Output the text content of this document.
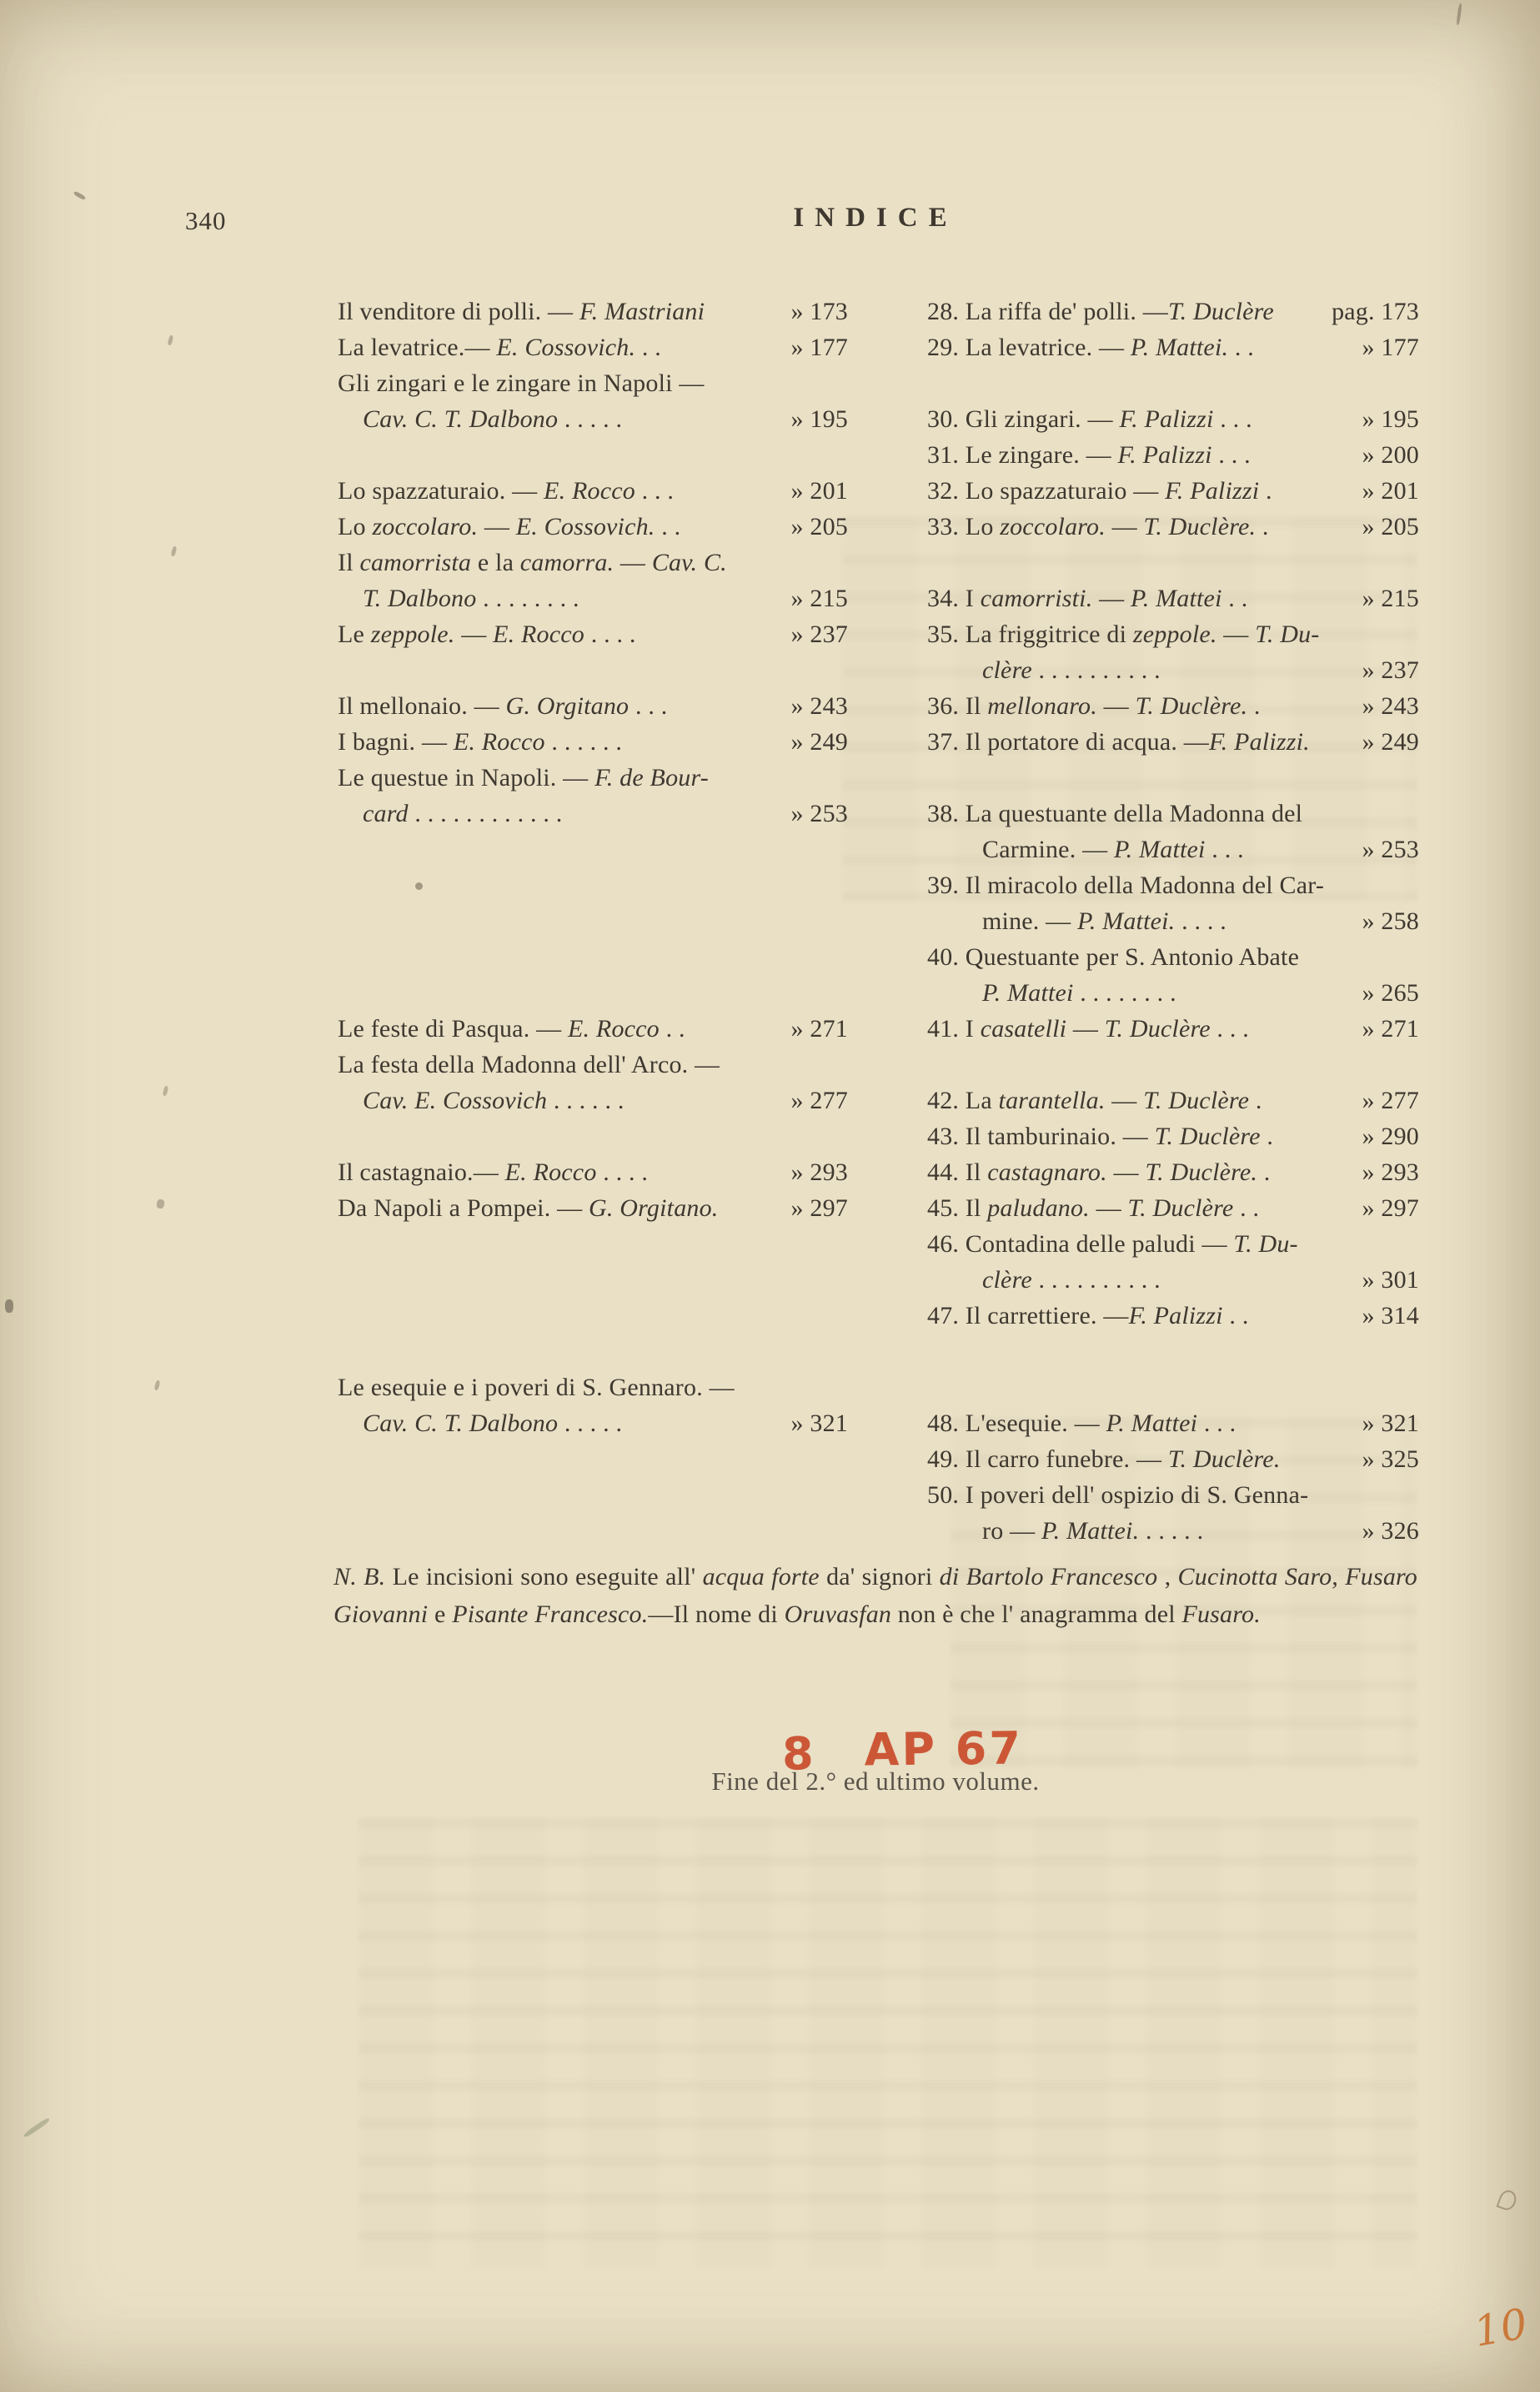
340	INDICE
Il venditore di polli. — F. Mastriani	» 173
La levatrice.— E. Cossovich. . .	» 177
Gli zingari e le zingare in Napoli —
Cav. C. T. Dalbono . . . . .	» 195
Lo spazzaturaio. — E. Rocco . . .	» 201
Lo zoccolaro. — E. Cossovich. . .	» 205
Il camorrista e la camorra. — Cav. C.
T. Dalbono . . . . . . . .	» 215
Le zeppole. — E. Rocco . . . .	» 237
Il mellonaio. — G. Orgitano . . .	» 243
I bagni. — E. Rocco . . . . . .	» 249
Le questue in Napoli. — F. de Bour-
card . . . . . . . . . . . .	» 253
Le feste di Pasqua. — E. Rocco . .	» 271
La festa della Madonna dell' Arco. —
Cav. E. Cossovich . . . . . .	» 277
Il castagnaio.— E. Rocco . . . .	» 293
Da Napoli a Pompei. — G. Orgitano.	» 297
Le esequie e i poveri di S. Gennaro. —
Cav. C. T. Dalbono . . . . .	» 321
28. La riffa de' polli. —T. Duclère pag. 173
29. La levatrice. — P. Mattei. . .	» 177
30. Gli zingari. — F. Palizzi . . .	» 195
31. Le zingare. — F. Palizzi . . .	» 200
32. Lo spazzaturaio — F. Palizzi .	» 201
33. Lo zoccolaro. — T. Duclère. .	» 205
34. I camorristi. — P. Mattei . .	» 215
35. La friggitrice di zeppole. — T. Du-
clère . . . . . . . . . .	» 237
36. Il mellonaro. — T. Duclère. .	» 243
37. Il portatore di acqua. —F. Palizzi. » 249
38. La questuante della Madonna del
Carmine. — P. Mattei . . .	» 253
39. Il miracolo della Madonna del Car-
mine. — P. Mattei. . . . .	» 258
40. Questuante per S. Antonio Abate
P. Mattei . . . . . . . .	» 265
41. I casatelli — T. Duclère . . .	» 271
42. La tarantella. — T. Duclère .	» 277
43. Il tamburinaio. — T. Duclère .	» 290
44. Il castagnaro. — T. Duclère. .	» 293
45. Il paludano. — T. Duclère . .	» 297
46. Contadina delle paludi — T. Du-
clère . . . . . . . . . .	» 301
47. Il carrettiere. —F. Palizzi . .	» 314
48. L'esequie. — P. Mattei . . .	» 321
49. Il carro funebre. — T. Duclère.	» 325
50. I poveri dell' ospizio di S. Genna-
ro — P. Mattei. . . . . .	» 326

N. B. Le incisioni sono eseguite all' acqua forte da' signori di Bartolo Francesco , Cucinotta Saro, Fusaro Giovanni e Pisante Francesco.—Il nome di Oruvasfan non è che l' anagramma del Fusaro.

Fine del 2.° ed ultimo volume.
8 AP 67
10
